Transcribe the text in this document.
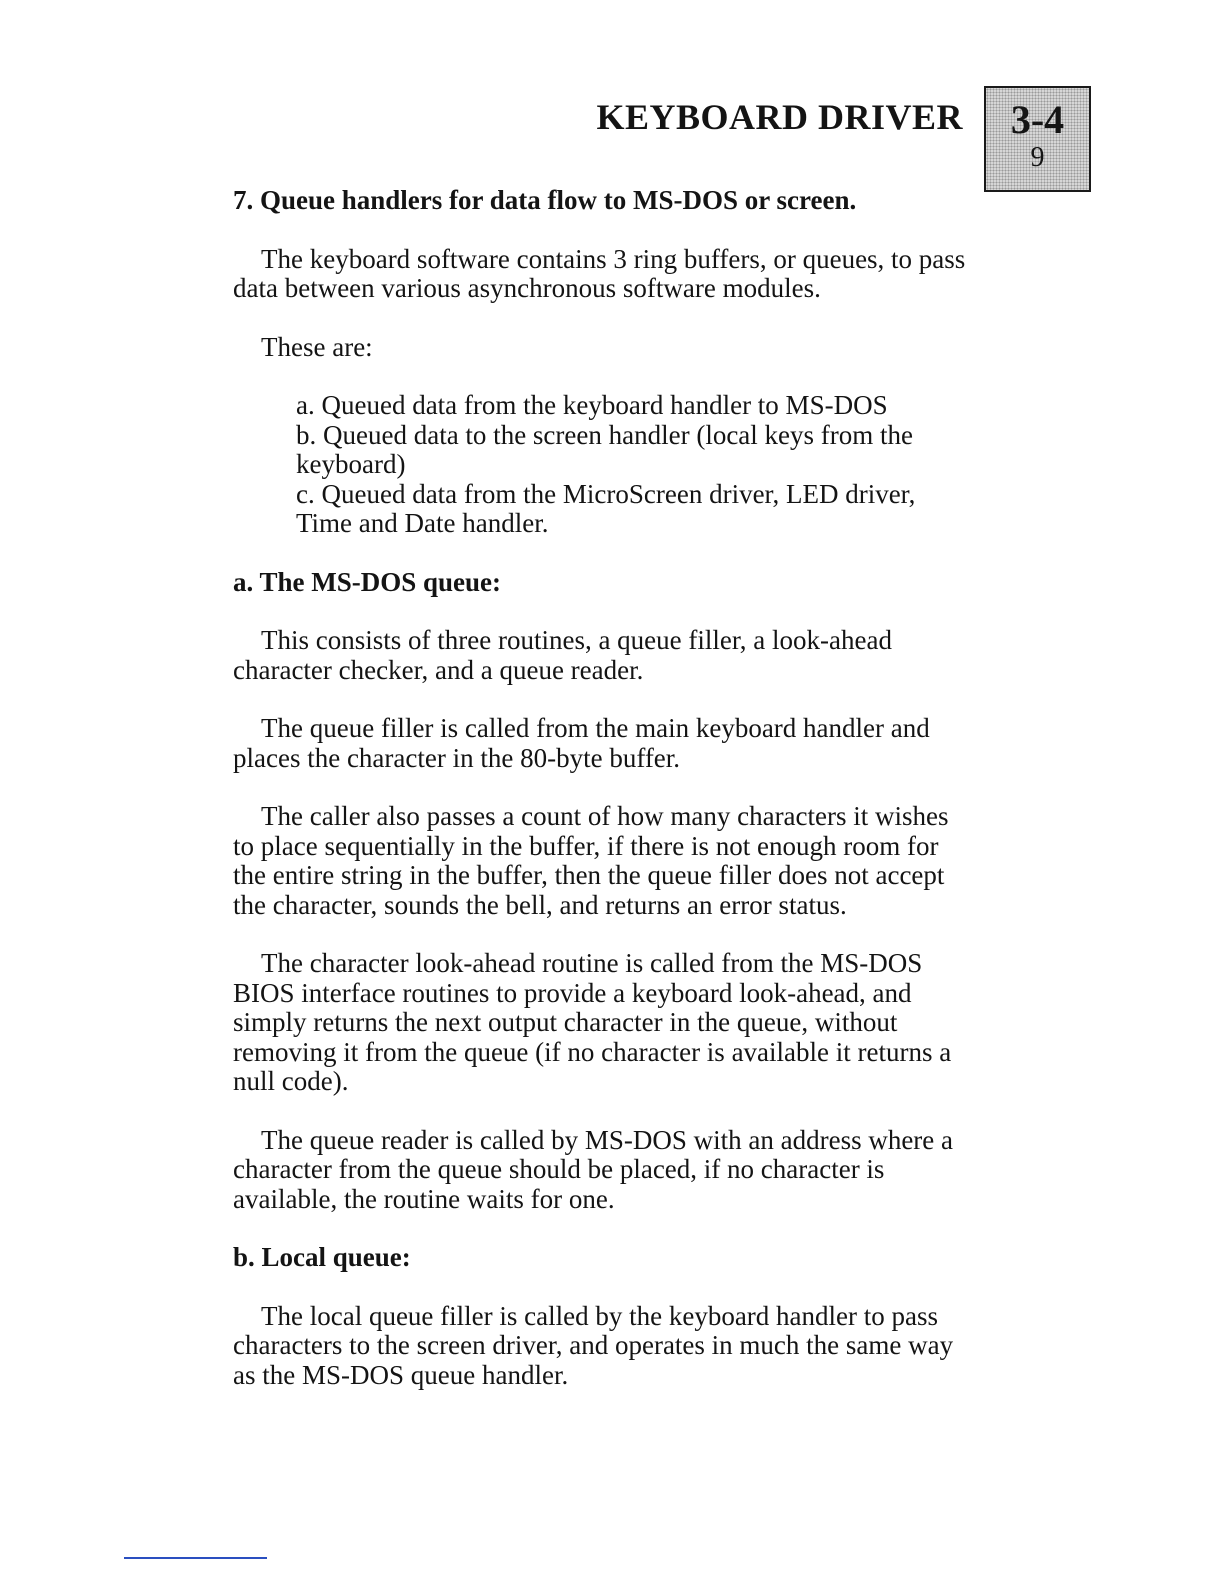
KEYBOARD DRIVER	3-4
9

7. Queue handlers for data flow to MS-DOS or screen.

The keyboard software contains 3 ring buffers, or queues, to pass data between various asynchronous software modules.

These are:

a. Queued data from the keyboard handler to MS-DOS

b. Queued data to the screen handler (local keys from the keyboard)

c. Queued data from the MicroScreen driver, LED driver, Time and Date handler.

a. The MS-DOS queue:

This consists of three routines, a queue filler, a look-ahead character checker, and a queue reader.

The queue filler is called from the main keyboard handler and places the character in the 80-byte buffer.

The caller also passes a count of how many characters it wishes to place sequentially in the buffer, if there is not enough room for the entire string in the buffer, then the queue filler does not accept the character, sounds the bell, and returns an error status.

The character look-ahead routine is called from the MS-DOS BIOS interface routines to provide a keyboard look-ahead, and simply returns the next output character in the queue, without removing it from the queue (if no character is available it returns a null code).

The queue reader is called by MS-DOS with an address where a character from the queue should be placed, if no character is available, the routine waits for one.

b. Local queue:

The local queue filler is called by the keyboard handler to pass characters to the screen driver, and operates in much the same way as the MS-DOS queue handler.
